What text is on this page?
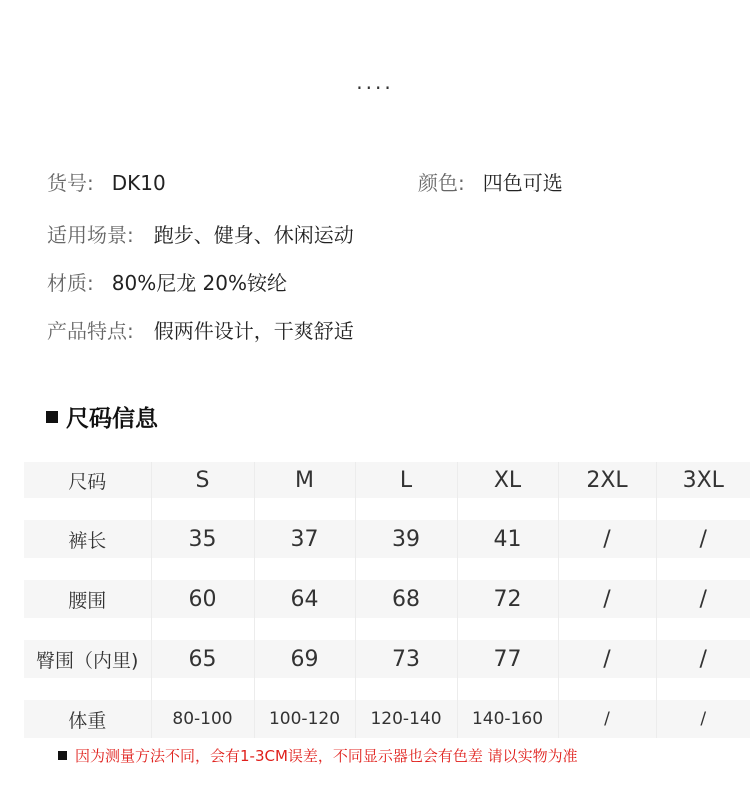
....
货号: DK10	颜色: 四色可选
适用场景: 跑步、健身、休闲运动
材质: 80%尼龙 20%铵纶
产品特点: 假两件设计，干爽舒适
尺码信息
尺码	S	M	L	XL	2XL	3XL

裤长	35	37	39	41	/	/

腰围	60	64	68	72	/	/

臀围（内里)	65	69	73	77	/	/

体重	80-100	100-120	120-140	140-160	/	/
因为测量方法不同，会有1-3CM误差，不同显示器也会有色差 请以实物为准
